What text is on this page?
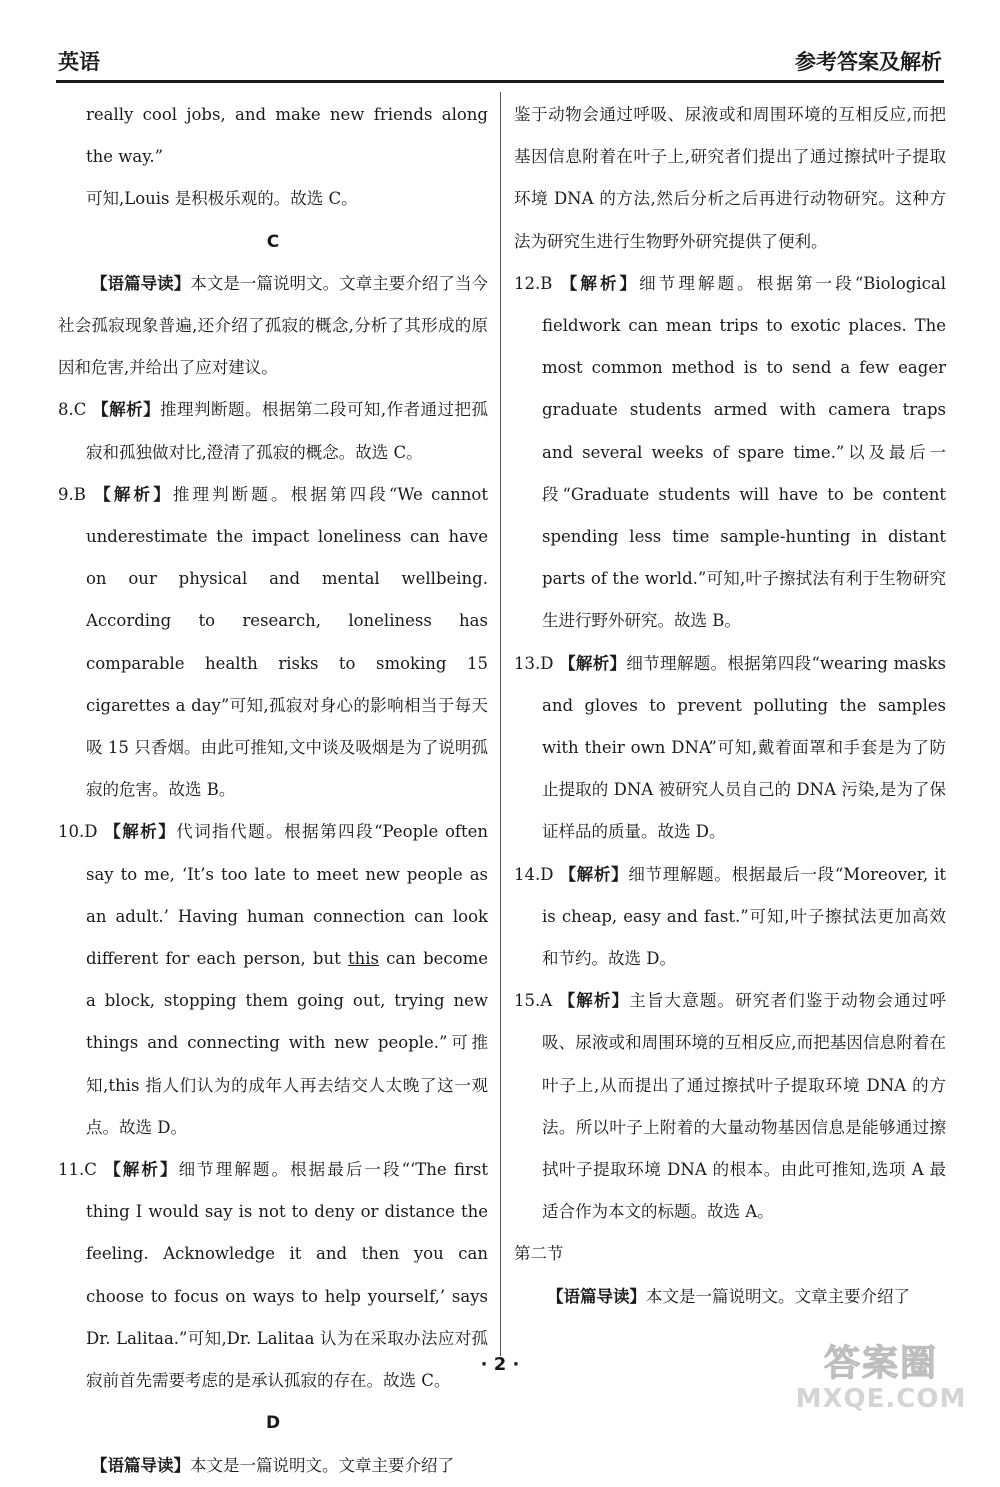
英语	参考答案及解析

really cool jobs, and make new friends along the way.”

可知,Louis 是积极乐观的。故选 C。

C

【语篇导读】本文是一篇说明文。文章主要介绍了当今社会孤寂现象普遍,还介绍了孤寂的概念,分析了其形成的原因和危害,并给出了应对建议。

8.C 【解析】推理判断题。根据第二段可知,作者通过把孤寂和孤独做对比,澄清了孤寂的概念。故选 C。

9.B 【解析】推理判断题。根据第四段“We cannot underestimate the impact loneliness can have on our physical and mental wellbeing. According to research, loneliness has comparable health risks to smoking 15 cigarettes a day”可知,孤寂对身心的影响相当于每天吸 15 只香烟。由此可推知,文中谈及吸烟是为了说明孤寂的危害。故选 B。

10.D 【解析】代词指代题。根据第四段“People often say to me, ‘It’s too late to meet new people as an adult.’ Having human connection can look different for each person, but this can become a block, stopping them going out, trying new things and connecting with new people.”可推知,this 指人们认为的成年人再去结交人太晚了这一观点。故选 D。

11.C 【解析】细节理解题。根据最后一段“‘The first thing I would say is not to deny or distance the feeling. Acknowledge it and then you can choose to focus on ways to help yourself,’ says Dr. Lalitaa.”可知,Dr. Lalitaa 认为在采取办法应对孤寂前首先需要考虑的是承认孤寂的存在。故选 C。

D

【语篇导读】本文是一篇说明文。文章主要介绍了

鉴于动物会通过呼吸、尿液或和周围环境的互相反应,而把基因信息附着在叶子上,研究者们提出了通过擦拭叶子提取环境 DNA 的方法,然后分析之后再进行动物研究。这种方法为研究生进行生物野外研究提供了便利。

12.B 【解析】细节理解题。根据第一段“Biological fieldwork can mean trips to exotic places. The most common method is to send a few eager graduate students armed with camera traps and several weeks of spare time.”以及最后一段“Graduate students will have to be content spending less time sample-hunting in distant parts of the world.”可知,叶子擦拭法有利于生物研究生进行野外研究。故选 B。

13.D 【解析】细节理解题。根据第四段“wearing masks and gloves to prevent polluting the samples with their own DNA”可知,戴着面罩和手套是为了防止提取的 DNA 被研究人员自己的 DNA 污染,是为了保证样品的质量。故选 D。

14.D 【解析】细节理解题。根据最后一段“Moreover, it is cheap, easy and fast.”可知,叶子擦拭法更加高效和节约。故选 D。

15.A 【解析】主旨大意题。研究者们鉴于动物会通过呼吸、尿液或和周围环境的互相反应,而把基因信息附着在叶子上,从而提出了通过擦拭叶子提取环境 DNA 的方法。所以叶子上附着的大量动物基因信息是能够通过擦拭叶子提取环境 DNA 的根本。由此可推知,选项 A 最适合作为本文的标题。故选 A。

第二节

【语篇导读】本文是一篇说明文。文章主要介绍了

· 2 ·	答案圈
MXQE.COM
